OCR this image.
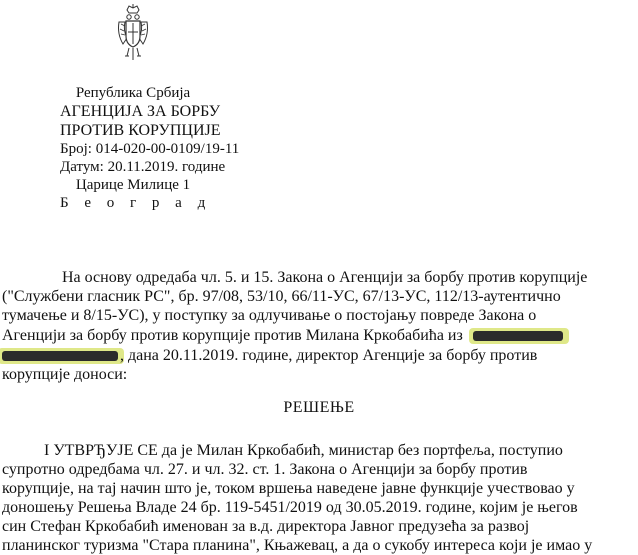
Република Србија
АГЕНЦИЈА ЗА БОРБУ
ПРОТИВ КОРУПЦИЈЕ
Број: 014-020-00-0109/19-11
Датум: 20.11.2019. године
Царице Милице 1
Б е о г р а д
На основу одредаба чл. 5. и 15. Закона о Агенцији за борбу против корупције
("Службени гласник РС", бр. 97/08, 53/10, 66/11-УС, 67/13-УС, 112/13-аутентично
тумачење и 8/15-УС), у поступку за одлучивање о постојању повреде Закона о
Агенцији за борбу против корупције против Милана Кркобабића из
, дана 20.11.2019. године, директор Агенције за борбу против
корупције доноси:
РЕШЕЊЕ
I УТВРЂУЈЕ СЕ да је Милан Кркобабић, министар без портфеља, поступио
супротно одредбама чл. 27. и чл. 32. ст. 1. Закона о Агенцији за борбу против
корупције, на тај начин што је, током вршења наведене јавне функције учествовао у
доношењу Решења Владе 24 бр. 119-5451/2019 од 30.05.2019. године, којим је његов
син Стефан Кркобабић именован за в.д. директора Јавног предузећа за развој
планинског туризма "Стара планина", Књажевац, а да о сукобу интереса који је имао у
